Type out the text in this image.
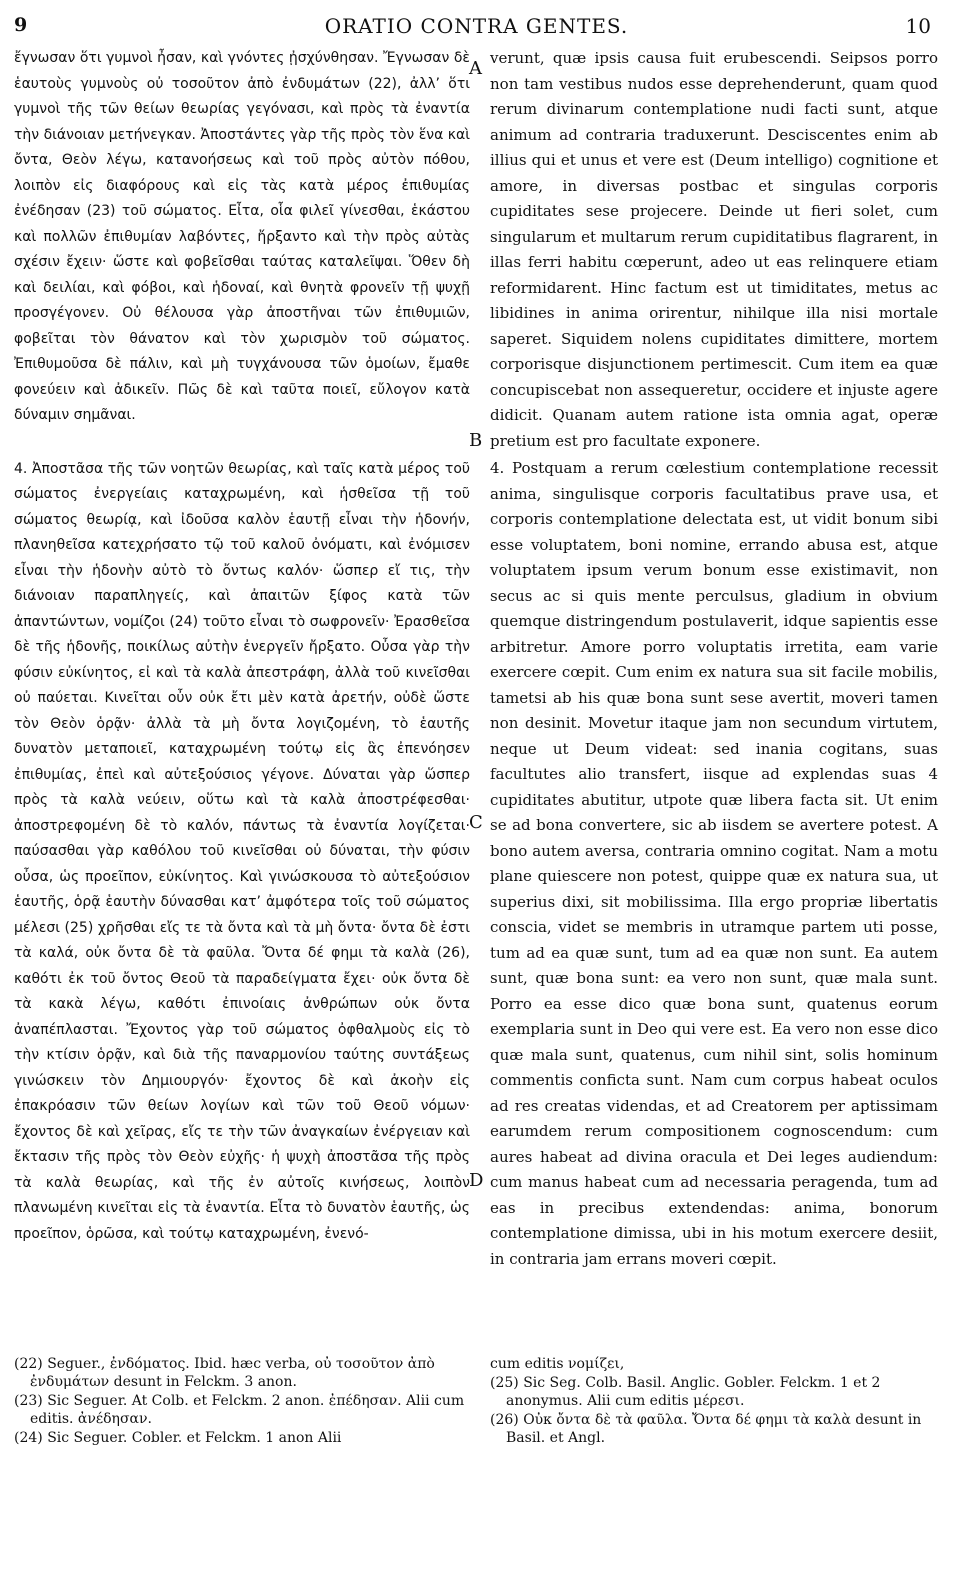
9	ORATIO CONTRA GENTES.	10

ἔγνωσαν ὅτι γυμνοὶ ἦσαν, καὶ γνόντες ᾐσχύνθησαν. Ἔγνωσαν δὲ ἑαυτοὺς γυμνοὺς οὐ τοσοῦτον ἀπὸ ἐνδυμάτων (22), ἀλλ’ ὅτι γυμνοὶ τῆς τῶν θείων θεωρίας γεγόνασι, καὶ πρὸς τὰ ἐναντία τὴν διάνοιαν μετήνεγκαν. Ἀποστάντες γὰρ τῆς πρὸς τὸν ἕνα καὶ ὄντα, Θεὸν λέγω, κατανοήσεως καὶ τοῦ πρὸς αὐτὸν πόθου, λοιπὸν εἰς διαφόρους καὶ εἰς τὰς κατὰ μέρος ἐπιθυμίας ἐνέδησαν (23) τοῦ σώματος. Εἶτα, οἷα φιλεῖ γίνεσθαι, ἑκάστου καὶ πολλῶν ἐπιθυμίαν λαβόντες, ἤρξαντο καὶ τὴν πρὸς αὐτὰς σχέσιν ἔχειν· ὥστε καὶ φοβεῖσθαι ταύτας καταλεῖψαι. Ὅθεν δὴ καὶ δειλίαι, καὶ φόβοι, καὶ ἡδοναί, καὶ θνητὰ φρονεῖν τῇ ψυχῇ προσγέγονεν. Οὐ θέλουσα γὰρ ἀποστῆναι τῶν ἐπιθυμιῶν, φοβεῖται τὸν θάνατον καὶ τὸν χωρισμὸν τοῦ σώματος. Ἐπιθυμοῦσα δὲ πάλιν, καὶ μὴ τυγχάνουσα τῶν ὁμοίων, ἔμαθε φονεύειν καὶ ἀδικεῖν. Πῶς δὲ καὶ ταῦτα ποιεῖ, εὔλογον κατὰ δύναμιν σημᾶναι.

4. Ἀποστᾶσα τῆς τῶν νοητῶν θεωρίας, καὶ ταῖς κατὰ μέρος τοῦ σώματος ἐνεργείαις καταχρωμένη, καὶ ἡσθεῖσα τῇ τοῦ σώματος θεωρίᾳ, καὶ ἰδοῦσα καλὸν ἑαυτῇ εἶναι τὴν ἡδονήν, πλανηθεῖσα κατεχρήσατο τῷ τοῦ καλοῦ ὀνόματι, καὶ ἐνόμισεν εἶναι τὴν ἡδονὴν αὐτὸ τὸ ὄντως καλόν· ὥσπερ εἴ τις, τὴν διάνοιαν παραπληγείς, καὶ ἀπαιτῶν ξίφος κατὰ τῶν ἀπαντώντων, νομίζοι (24) τοῦτο εἶναι τὸ σωφρονεῖν· Ἐρασθεῖσα δὲ τῆς ἡδονῆς, ποικίλως αὐτὴν ἐνεργεῖν ἤρξατο. Οὖσα γὰρ τὴν φύσιν εὐκίνητος, εἰ καὶ τὰ καλὰ ἀπεστράφη, ἀλλὰ τοῦ κινεῖσθαι οὐ παύεται. Κινεῖται οὖν οὐκ ἔτι μὲν κατὰ ἀρετήν, οὐδὲ ὥστε τὸν Θεὸν ὁρᾷν· ἀλλὰ τὰ μὴ ὄντα λογιζομένη, τὸ ἑαυτῆς δυνατὸν μεταποιεῖ, καταχρωμένη τούτῳ εἰς ἃς ἐπενόησεν ἐπιθυμίας, ἐπεὶ καὶ αὐτεξούσιος γέγονε. Δύναται γὰρ ὥσπερ πρὸς τὰ καλὰ νεύειν, οὕτω καὶ τὰ καλὰ ἀποστρέφεσθαι· ἀποστρεφομένη δὲ τὸ καλόν, πάντως τὰ ἐναντία λογίζεται· παύσασθαι γὰρ καθόλου τοῦ κινεῖσθαι οὐ δύναται, τὴν φύσιν οὖσα, ὡς προεῖπον, εὐκίνητος. Καὶ γινώσκουσα τὸ αὐτεξούσιον ἑαυτῆς, ὁρᾷ ἑαυτὴν δύνασθαι κατ’ ἀμφότερα τοῖς τοῦ σώματος μέλεσι (25) χρῆσθαι εἴς τε τὰ ὄντα καὶ τὰ μὴ ὄντα· ὄντα δὲ ἐστι τὰ καλά, οὐκ ὄντα δὲ τὰ φαῦλα. Ὄντα δέ φημι τὰ καλὰ (26), καθότι ἐκ τοῦ ὄντος Θεοῦ τὰ παραδείγματα ἔχει· οὐκ ὄντα δὲ τὰ κακὰ λέγω, καθότι ἐπινοίαις ἀνθρώπων οὐκ ὄντα ἀναπέπλασται. Ἔχοντος γὰρ τοῦ σώματος ὀφθαλμοὺς εἰς τὸ τὴν κτίσιν ὁρᾷν, καὶ διὰ τῆς παναρμονίου ταύτης συντάξεως γινώσκειν τὸν Δημιουργόν· ἔχοντος δὲ καὶ ἀκοὴν εἰς ἐπακρόασιν τῶν θείων λογίων καὶ τῶν τοῦ Θεοῦ νόμων· ἔχοντος δὲ καὶ χεῖρας, εἴς τε τὴν τῶν ἀναγκαίων ἐνέργειαν καὶ ἔκτασιν τῆς πρὸς τὸν Θεὸν εὐχῆς· ἡ ψυχὴ ἀποστᾶσα τῆς πρὸς τὰ καλὰ θεωρίας, καὶ τῆς ἐν αὐτοῖς κινήσεως, λοιπὸν πλανωμένη κινεῖται εἰς τὰ ἐναντία. Εἶτα τὸ δυνατὸν ἑαυτῆς, ὡς προεῖπον, ὁρῶσα, καὶ τούτῳ καταχρωμένη, ἐνενό-

verunt, quæ ipsis causa fuit erubescendi. Seipsos porro non tam vestibus nudos esse deprehenderunt, quam quod rerum divinarum contemplatione nudi facti sunt, atque animum ad contraria traduxerunt. Desciscentes enim ab illius qui et unus et vere est (Deum intelligo) cognitione et amore, in diversas postbac et singulas corporis cupiditates sese projecere. Deinde ut fieri solet, cum singularum et multarum rerum cupiditatibus flagrarent, in illas ferri habitu cœperunt, adeo ut eas relinquere etiam reformidarent. Hinc factum est ut timiditates, metus ac libidines in anima orirentur, nihilque illa nisi mortale saperet. Siquidem nolens cupiditates dimittere, mortem corporisque disjunctionem pertimescit. Cum item ea quæ concupiscebat non assequeretur, occidere et injuste agere didicit. Quanam autem ratione ista omnia agat, operæ pretium est pro facultate exponere.

4. Postquam a rerum cœlestium contemplatione recessit anima, singulisque corporis facultatibus prave usa, et corporis contemplatione delectata est, ut vidit bonum sibi esse voluptatem, boni nomine, errando abusa est, atque voluptatem ipsum verum bonum esse existimavit, non secus ac si quis mente perculsus, gladium in obvium quemque distringendum postulaverit, idque sapientis esse arbitretur. Amore porro voluptatis irretita, eam varie exercere cœpit. Cum enim ex natura sua sit facile mobilis, tametsi ab his quæ bona sunt sese avertit, moveri tamen non desinit. Movetur itaque jam non secundum virtutem, neque ut Deum videat: sed inania cogitans, suas facultutes alio transfert, iisque ad explendas suas 4 cupiditates abutitur, utpote quæ libera facta sit. Ut enim se ad bona convertere, sic ab iisdem se avertere potest. A bono autem aversa, contraria omnino cogitat. Nam a motu plane quiescere non potest, quippe quæ ex natura sua, ut superius dixi, sit mobilissima. Illa ergo propriæ libertatis conscia, videt se membris in utramque partem uti posse, tum ad ea quæ sunt, tum ad ea quæ non sunt. Ea autem sunt, quæ bona sunt: ea vero non sunt, quæ mala sunt. Porro ea esse dico quæ bona sunt, quatenus eorum exemplaria sunt in Deo qui vere est. Ea vero non esse dico quæ mala sunt, quatenus, cum nihil sint, solis hominum commentis conficta sunt. Nam cum corpus habeat oculos ad res creatas videndas, et ad Creatorem per aptissimam earumdem rerum compositionem cognoscendum: cum aures habeat ad divina oracula et Dei leges audiendum: cum manus habeat cum ad necessaria peragenda, tum ad eas in precibus extendendas: anima, bonorum contemplatione dimissa, ubi in his motum exercere desiit, in contraria jam errans moveri cœpit.

A
B
C
D

(22) Seguer., ἐνδόματος. Ibid. hæc verba, οὐ τοσοῦτον ἀπὸ ἐνδυμάτων desunt in Felckm. 3 anon.

(23) Sic Seguer. At Colb. et Felckm. 2 anon. ἐπέδησαν. Alii cum editis. ἀνέδησαν.

(24) Sic Seguer. Cobler. et Felckm. 1 anon Alii

cum editis νομίζει,

(25) Sic Seg. Colb. Basil. Anglic. Gobler. Felckm. 1 et 2 anonymus. Alii cum editis μέρεσι.

(26) Οὐκ ὄντα δὲ τὰ φαῦλα. Ὄντα δέ φημι τὰ καλὰ desunt in Basil. et Angl.
